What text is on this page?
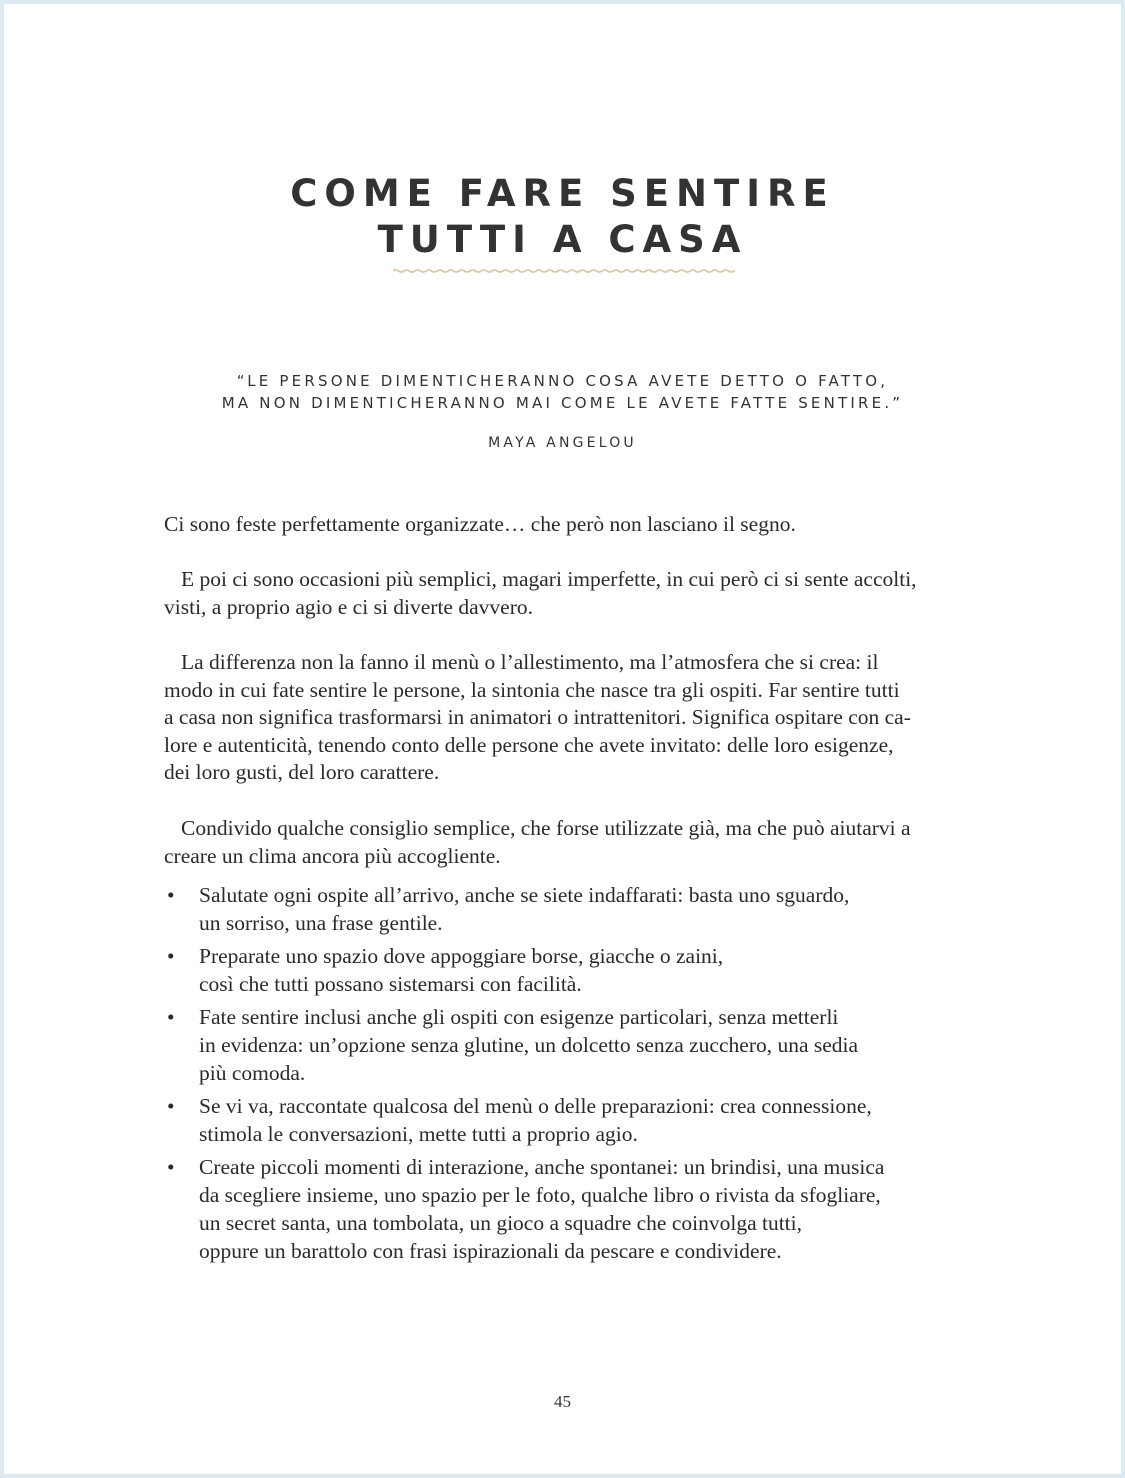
COME FARE SENTIRE
TUTTI A CASA

“LE PERSONE DIMENTICHERANNO COSA AVETE DETTO O FATTO,

MA NON DIMENTICHERANNO MAI COME LE AVETE FATTE SENTIRE.”

MAYA ANGELOU

Ci sono feste perfettamente organizzate… che però non lasciano il segno.

E poi ci sono occasioni più semplici, magari imperfette, in cui però ci si sente accolti,

visti, a proprio agio e ci si diverte davvero.

La differenza non la fanno il menù o l’allestimento, ma l’atmosfera che si crea: il

modo in cui fate sentire le persone, la sintonia che nasce tra gli ospiti. Far sentire tutti

a casa non significa trasformarsi in animatori o intrattenitori. Significa ospitare con ca-

lore e autenticità, tenendo conto delle persone che avete invitato: delle loro esigenze,

dei loro gusti, del loro carattere.

Condivido qualche consiglio semplice, che forse utilizzate già, ma che può aiutarvi a

creare un clima ancora più accogliente.

• Salutate ogni ospite all’arrivo, anche se siete indaffarati: basta uno sguardo,
un sorriso, una frase gentile.
• Preparate uno spazio dove appoggiare borse, giacche o zaini,
così che tutti possano sistemarsi con facilità.
• Fate sentire inclusi anche gli ospiti con esigenze particolari, senza metterli
in evidenza: un’opzione senza glutine, un dolcetto senza zucchero, una sedia
più comoda.
• Se vi va, raccontate qualcosa del menù o delle preparazioni: crea connessione,
stimola le conversazioni, mette tutti a proprio agio.
• Create piccoli momenti di interazione, anche spontanei: un brindisi, una musica
da scegliere insieme, uno spazio per le foto, qualche libro o rivista da sfogliare,
un secret santa, una tombolata, un gioco a squadre che coinvolga tutti,
oppure un barattolo con frasi ispirazionali da pescare e condividere.

45
